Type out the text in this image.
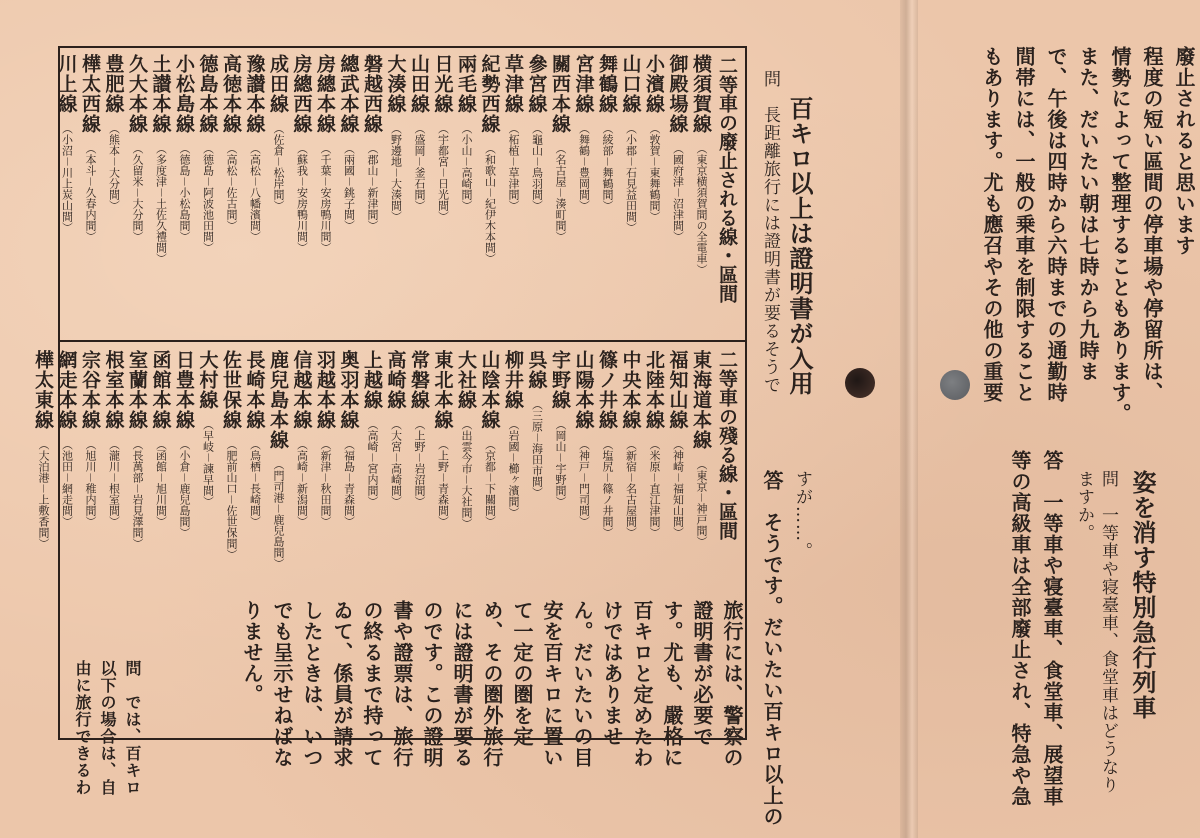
廢止されると思います
程度の短い區間の停車場や停留所は、
情勢によって整理することもあります。
また、だいたい朝は七時から九時ま
で、午後は四時から六時までの通勤時
間帯には、一般の乗車を制限すること
もあります。尤も應召やその他の重要
姿を消す特別急行列車
問　一等車や寝臺車、食堂車はどうなり
ますか。
答　一等車や寝臺車、食堂車、展望車
等の高級車は全部廢止され、特急や急
百キロ以上は證明書が入用
問　長距離旅行には證明書が要るそうで
すが……。
答　そうです。だいたい百キロ以上の
旅行には、警察の
證明書が必要で
す。尤も、嚴格に
百キロと定めたわ
けではありませ
ん。だいたいの目
安を百キロに置い
て一定の圏を定
め、その圏外旅行
には證明書が要る
のです。この證明
書や證票は、旅行
の終るまで持って
ゐて、係員が請求
したときは、いつ
でも呈示せねばな
りません。
問　では、百キロ
以下の場合は、自
由に旅行できるわ
二等車の廢止される線・區間
二等車の殘る線・區間
横須賀線
（東京横須賀間の全電車）
御殿場線
（國府津－沼津間）
小濱線
（敦賀－東舞鶴間）
山口線
（小郡－石見益田間）
舞鶴線
（綾部－舞鶴間）
宮津線
（舞鶴－豊岡間）
關西本線
（名古屋－湊町間）
參宮線
（龜山－鳥羽間）
草津線
（柘植－草津間）
紀勢西線
（和歌山－紀伊木本間）
兩毛線
（小山－高崎間）
日光線
（宇都宮－日光間）
山田線
（盛岡－釜石間）
大湊線
（野邊地－大湊間）
磐越西線
（郡山－新津間）
總武本線
（兩國－銚子間）
房總本線
（千葉－安房鴨川間）
房總西線
（蘇我－安房鴨川間）
成田線
（佐倉－松岸間）
豫讃本線
（高松－八幡濱間）
高徳本線
（高松－佐古間）
德島本線
（德島－阿波池田間）
小松島線
（德島－小松島間）
土讃本線
（多度津－土佐久禮間）
久大本線
（久留米－大分間）
豊肥線
（熊本－大分間）
樺太西線
（本斗－久春内間）
川上線
（小沼－川上炭山間）
東海道本線
（東京－神戸間）
福知山線
（神崎－福知山間）
北陸本線
（米原－直江津間）
中央本線
（新宿－名古屋間）
篠ノ井線
（塩尻－篠ノ井間）
山陽本線
（神戸－門司間）
宇野線
（岡山－宇野間）
呉線
（三原－海田市間）
柳井線
（岩國－櫛ヶ濱間）
山陰本線
（京都－下關間）
大社線
（出雲今市－大社間）
東北本線
（上野－青森間）
常磐線
（上野－岩沼間）
高崎線
（大宮－高崎間）
上越線
（高崎－宮内間）
奥羽本線
（福島－青森間）
羽越本線
（新津－秋田間）
信越本線
（高崎－新潟間）
鹿兒島本線
（門司港－鹿兒島間）
長崎本線
（鳥栖－長崎間）
佐世保線
（肥前山口－佐世保間）
大村線
（早岐－諫早間）
日豊本線
（小倉－鹿兒島間）
函館本線
（函館－旭川間）
室蘭本線
（長萬部－岩見澤間）
根室本線
（瀧川－根室間）
宗谷本線
（旭川－稚内間）
網走本線
（池田－網走間）
樺太東線
（大泊港－上敷香間）
